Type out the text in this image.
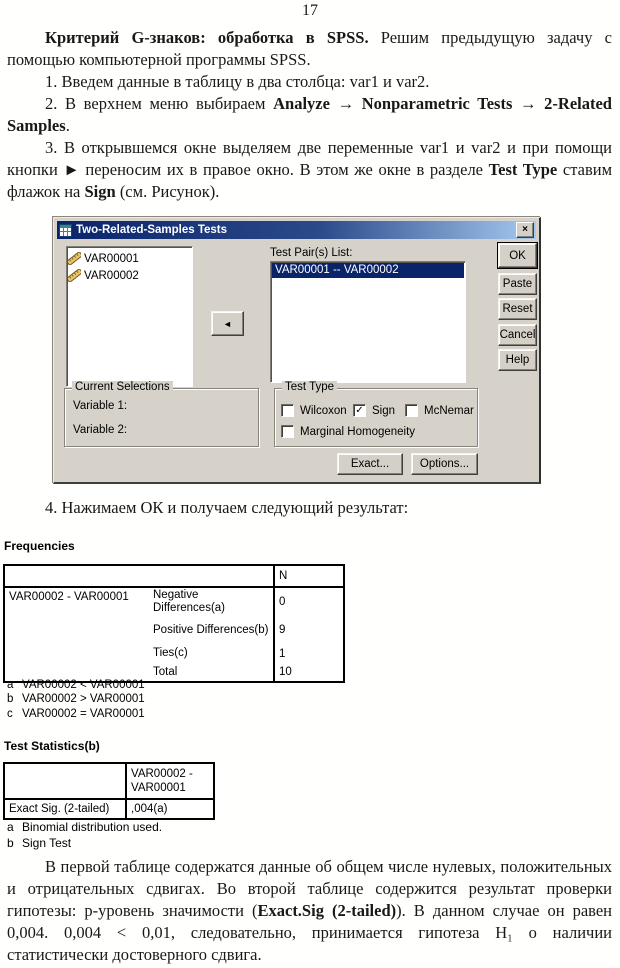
17

Критерий G-знаков: обработка в SPSS. Решим предыдущую задачу с помощью компьютерной программы SPSS.

1. Введем данные в таблицу в два столбца: var1 и var2.

2. В верхнем меню выбираем Analyze → Nonparametric Tests → 2-Related Samples.

3. В открывшемся окне выделяем две переменные var1 и var2 и при помощи кнопки ► переносим их в правое окно. В этом же окне в разделе Test Type ставим флажок на Sign (см. Рисунок).

Two-Related-Samples Tests	×
VAR00001
VAR00002
◄
Test Pair(s) List:
VAR00001 -- VAR00002
OK
Paste
Reset
Cancel
Help
Current Selections
Variable 1:
Variable 2:
Test Type
Wilcoxon ✓ Sign	McNemar
Marginal Homogeneity
Exact...	Options...

4. Нажимаем ОК и получаем следующий результат:

Frequencies
		N
VAR00002 - VAR00001	Negative Differences(a)	0
	Positive Differences(b)	9
	Ties(c)	1
	Total	10
a VAR00002 < VAR00001
b VAR00002 > VAR00001
c VAR00002 = VAR00001
Test Statistics(b)
	VAR00002 - VAR00001
Exact Sig. (2-tailed)	,004(a)
a Binomial distribution used.
b Sign Test

В первой таблице содержатся данные об общем числе нулевых, положительных и отрицательных сдвигах. Во второй таблице содержится результат проверки гипотезы: p-уровень значимости (Exact.Sig (2-tailed)). В данном случае он равен 0,004. 0,004 < 0,01, следовательно, принимается гипотеза H₁ о наличии статистически достоверного сдвига.
